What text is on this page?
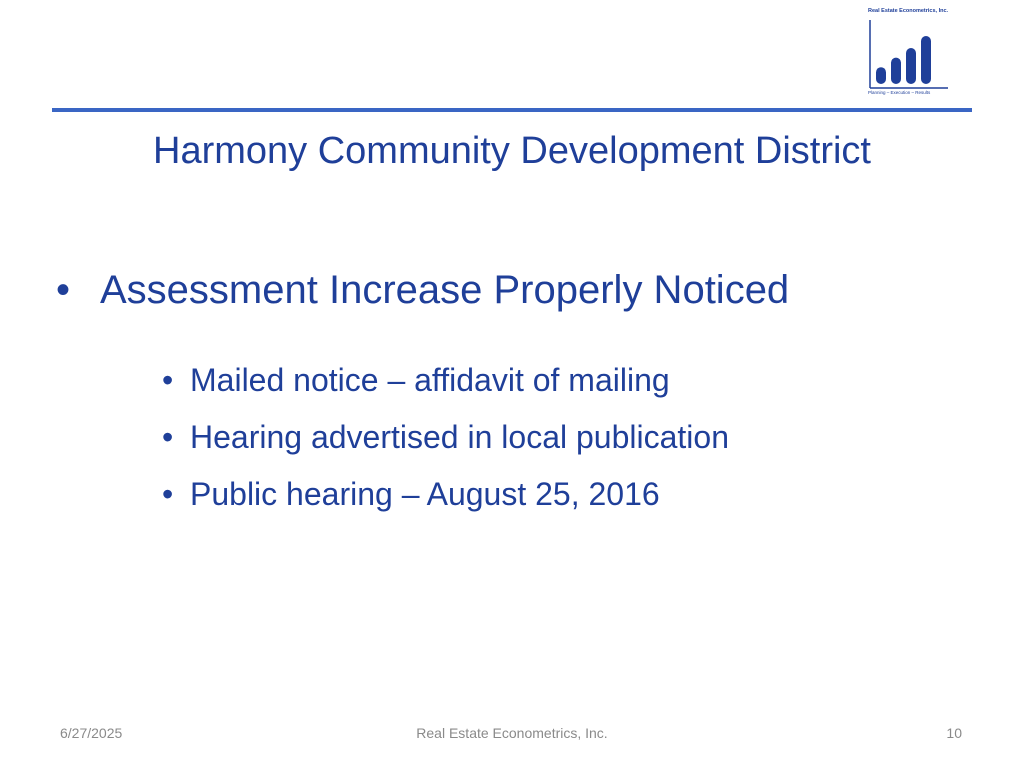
Real Estate Econometrics, Inc.
Planning – Execution – Results
Harmony Community Development District
• Assessment Increase Properly Noticed
• Mailed notice – affidavit of mailing
• Hearing advertised in local publication
• Public hearing – August 25, 2016
6/27/2025	Real Estate Econometrics, Inc.	10
